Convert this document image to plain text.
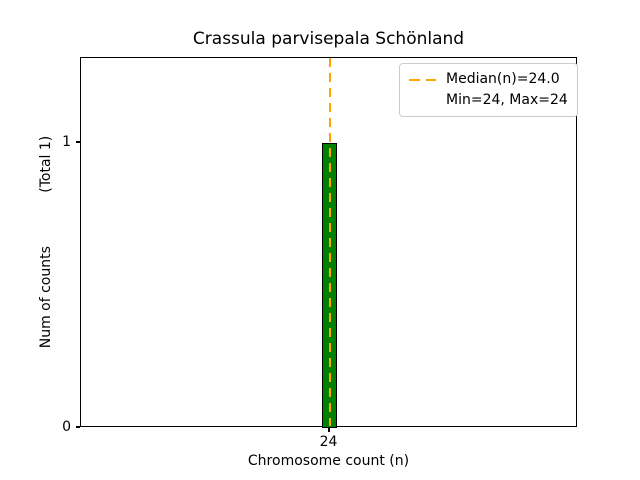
Crassula parvisepala Schönland
Median(n)=24.0
Min=24, Max=24
0
1
24
Chromosome count (n)
Num of counts            (Total 1)
